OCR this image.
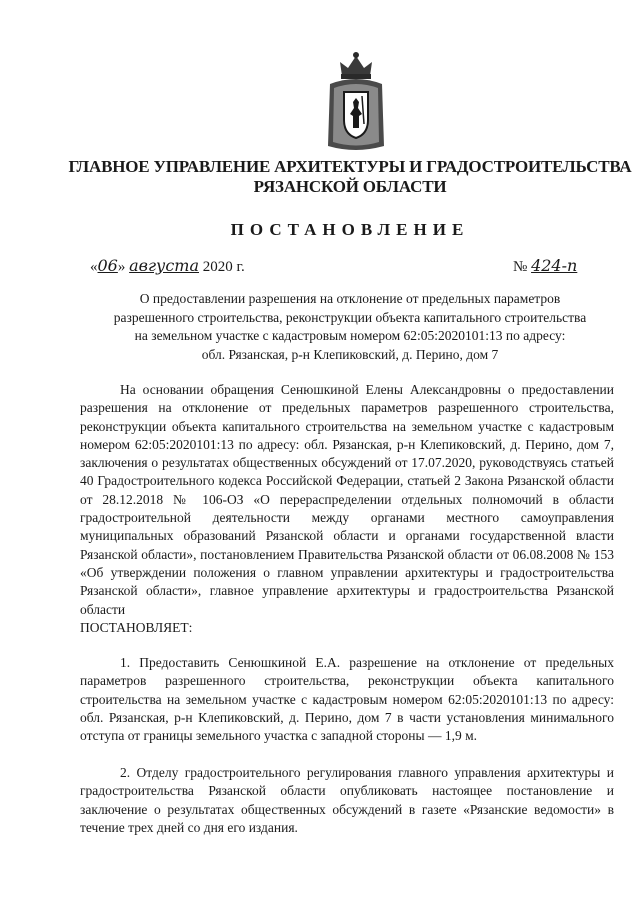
ГЛАВНОЕ УПРАВЛЕНИЕ АРХИТЕКТУРЫ И ГРАДОСТРОИТЕЛЬСТВА
РЯЗАНСКОЙ ОБЛАСТИ
ПОСТАНОВЛЕНИЕ
«06» августа 2020 г.	№ 424-п
О предоставлении разрешения на отклонение от предельных параметров
разрешенного строительства, реконструкции объекта капитального строительства
на земельном участке с кадастровым номером 62:05:2020101:13 по адресу:
обл. Рязанская, р-н Клепиковский, д. Перино, дом 7

На основании обращения Сенюшкиной Елены Александровны о предоставлении разрешения на отклонение от предельных параметров разрешенного строительства, реконструкции объекта капитального строительства на земельном участке с кадастровым номером 62:05:2020101:13 по адресу: обл. Рязанская, р-н Клепиковский, д. Перино, дом 7, заключения о результатах общественных обсуждений от 17.07.2020, руководствуясь статьей 40 Градостроительного кодекса Российской Федерации, статьей 2 Закона Рязанской области от 28.12.2018 № 106-ОЗ «О перераспределении отдельных полномочий в области градостроительной деятельности между органами местного самоуправления муниципальных образований Рязанской области и органами государственной власти Рязанской области», постановлением Правительства Рязанской области от 06.08.2008 № 153 «Об утверждении положения о главном управлении архитектуры и градостроительства Рязанской области», главное управление архитектуры и градостроительства Рязанской области

ПОСТАНОВЛЯЕТ:

1. Предоставить Сенюшкиной Е.А. разрешение на отклонение от предельных параметров разрешенного строительства, реконструкции объекта капитального строительства на земельном участке с кадастровым номером 62:05:2020101:13 по адресу: обл. Рязанская, р-н Клепиковский, д. Перино, дом 7 в части установления минимального отступа от границы земельного участка с западной стороны — 1,9 м.

2. Отделу градостроительного регулирования главного управления архитектуры и градостроительства Рязанской области опубликовать настоящее постановление и заключение о результатах общественных обсуждений в газете «Рязанские ведомости» в течение трех дней со дня его издания.
